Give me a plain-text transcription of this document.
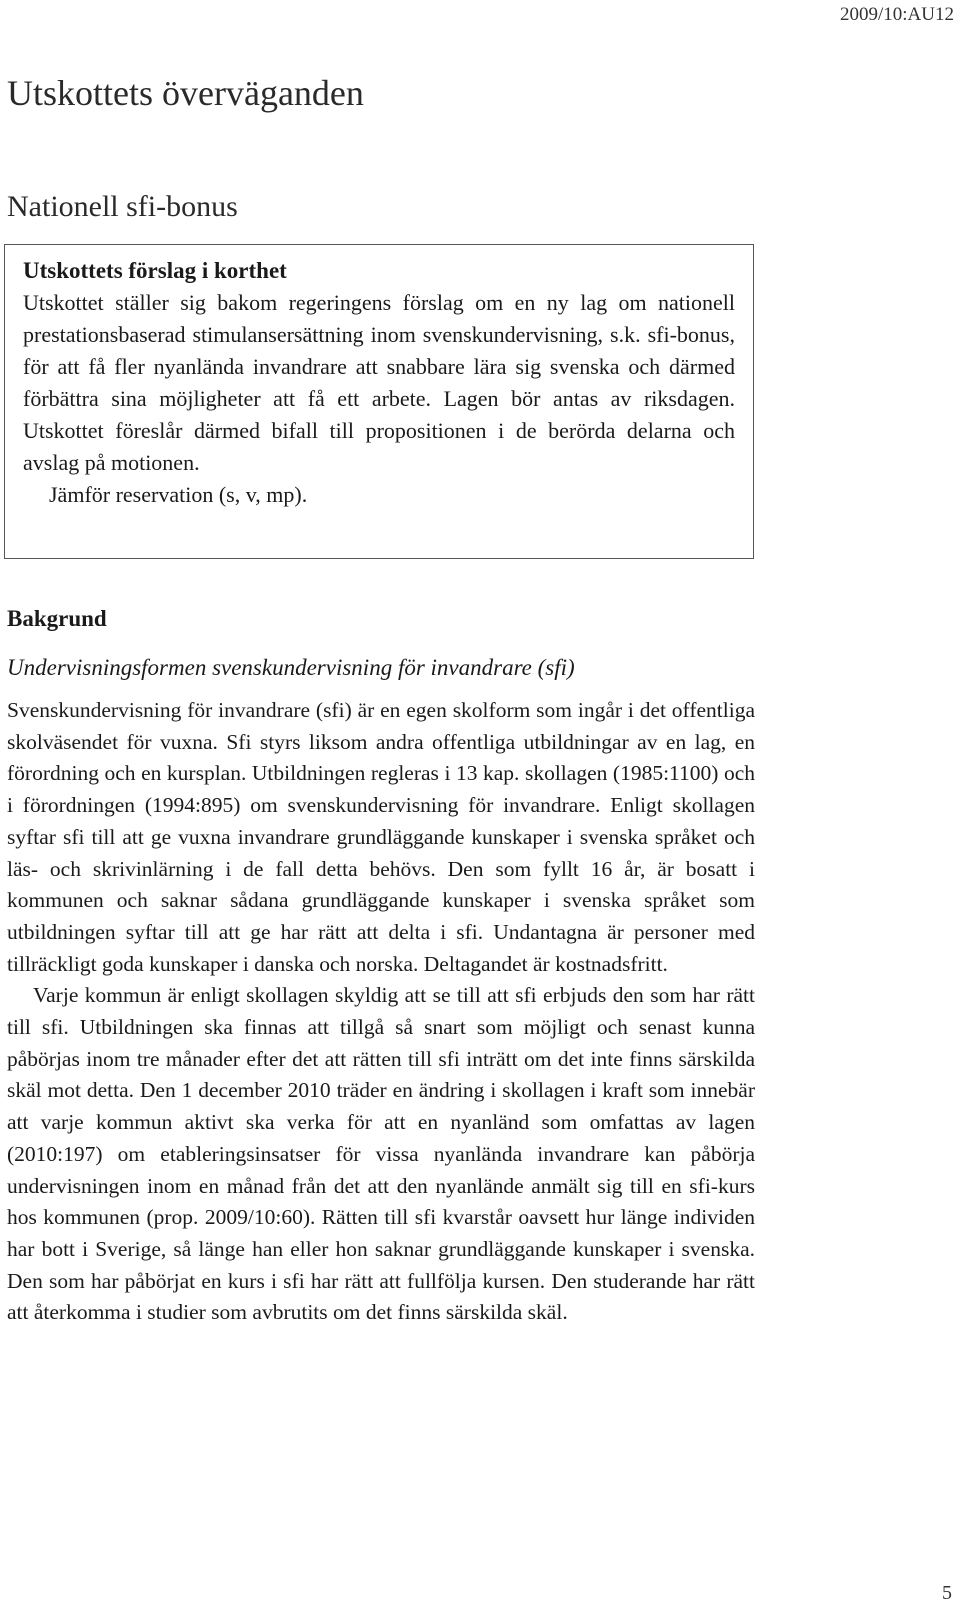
2009/10:AU12
Utskottets överväganden
Nationell sfi-bonus

Utskottets förslag i korthet

Utskottet ställer sig bakom regeringens förslag om en ny lag om nationell prestationsbaserad stimulansersättning inom svenskundervisning, s.k. sfi-bonus, för att få fler nyanlända invandrare att snabbare lära sig svenska och därmed förbättra sina möjligheter att få ett arbete. Lagen bör antas av riksdagen. Utskottet föreslår därmed bifall till propositionen i de berörda delarna och avslag på motionen.

Jämför reservation (s, v, mp).

Bakgrund
Undervisningsformen svenskundervisning för invandrare (sfi)

Svenskundervisning för invandrare (sfi) är en egen skolform som ingår i det offentliga skolväsendet för vuxna. Sfi styrs liksom andra offentliga utbildningar av en lag, en förordning och en kursplan. Utbildningen regleras i 13 kap. skollagen (1985:1100) och i förordningen (1994:895) om svenskundervisning för invandrare. Enligt skollagen syftar sfi till att ge vuxna invandrare grundläggande kunskaper i svenska språket och läs- och skrivinlärning i de fall detta behövs. Den som fyllt 16 år, är bosatt i kommunen och saknar sådana grundläggande kunskaper i svenska språket som utbildningen syftar till att ge har rätt att delta i sfi. Undantagna är personer med tillräckligt goda kunskaper i danska och norska. Deltagandet är kostnadsfritt.

Varje kommun är enligt skollagen skyldig att se till att sfi erbjuds den som har rätt till sfi. Utbildningen ska finnas att tillgå så snart som möjligt och senast kunna påbörjas inom tre månader efter det att rätten till sfi inträtt om det inte finns särskilda skäl mot detta. Den 1 december 2010 träder en ändring i skollagen i kraft som innebär att varje kommun aktivt ska verka för att en nyanländ som omfattas av lagen (2010:197) om etableringsinsatser för vissa nyanlända invandrare kan påbörja undervisningen inom en månad från det att den nyanlände anmält sig till en sfi-kurs hos kommunen (prop. 2009/10:60). Rätten till sfi kvarstår oavsett hur länge individen har bott i Sverige, så länge han eller hon saknar grundläggande kunskaper i svenska. Den som har påbörjat en kurs i sfi har rätt att fullfölja kursen. Den studerande har rätt att återkomma i studier som avbrutits om det finns särskilda skäl.

5
